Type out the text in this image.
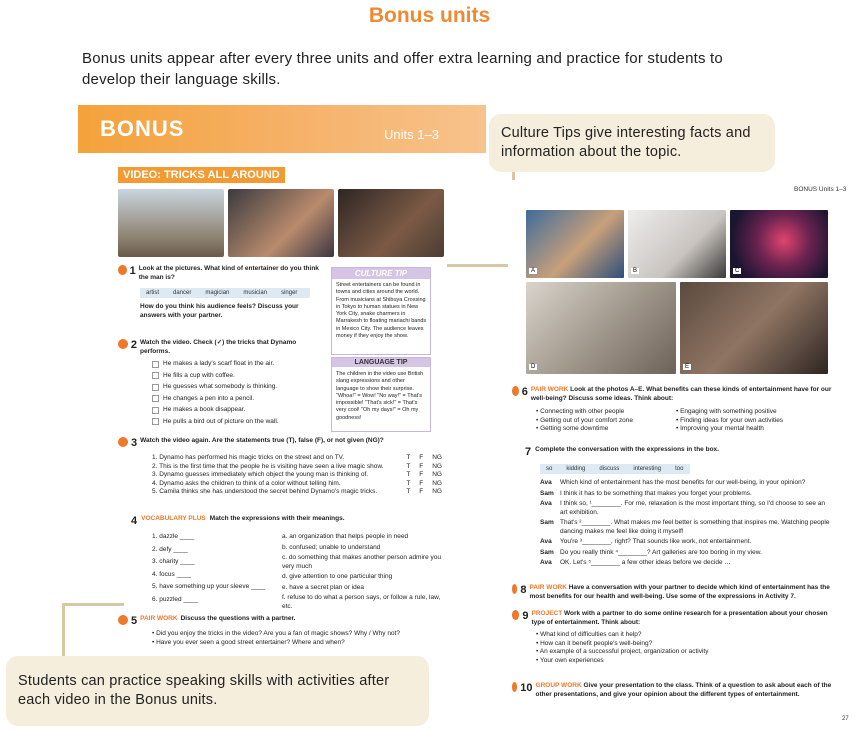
Bonus units
Bonus units appear after every three units and offer extra learning and practice for students to develop their language skills.
BONUS	Units 1–3
VIDEO: TRICKS ALL AROUND
1 Look at the pictures. What kind of entertainer do you think the man is?
artist dancer magician musician singer
How do you think his audience feels? Discuss your answers with your partner.
2 Watch the video. Check (✓) the tricks that Dynamo performs.
He makes a lady's scarf float in the air.
He fills a cup with coffee.
He guesses what somebody is thinking.
He changes a pen into a pencil.
He makes a book disappear.
He pulls a bird out of picture on the wall.
3 Watch the video again. Are the statements true (T), false (F), or not given (NG)?
1. Dynamo has performed his magic tricks on the street and on TV.	T     F     NG
2. This is the first time that the people he is visiting have seen a live magic show.	T     F     NG
3. Dynamo guesses immediately which object the young man is thinking of.	T     F     NG
4. Dynamo asks the children to think of a color without telling him.	T     F     NG
5. Camila thinks she has understood the secret behind Dynamo's magic tricks.	T     F     NG
4 VOCABULARY PLUS Match the expressions with their meanings.
1. dazzle ____
2. defy ____
3. charity ____
4. focus ____
5. have something up your sleeve ____
6. puzzled ____
a. an organization that helps people in need
b. confused; unable to understand
c. do something that makes another person admire you very much
d. give attention to one particular thing
e. have a secret plan or idea
f. refuse to do what a person says, or follow a rule, law, etc.
5 PAIR WORK Discuss the questions with a partner.
• Did you enjoy the tricks in the video? Are you a fan of magic shows? Why / Why not?
• Have you ever seen a good street entertainer? Where and when?
CULTURE TIP
Street entertainers can be found in towns and cities around the world. From musicians at Shibuya Crossing in Tokyo to human statues in New York City, snake charmers in Marrakesh to floating mariachi bands in Mexico City. The audience leaves money if they enjoy the show.
LANGUAGE TIP
The children in the video use British slang expressions and other language to show their surprise. "Whoa!" = Wow! "No way!" = That's impossible! "That's sick!" = That's very cool! "Oh my days!" = Oh my goodness!
BONUS Units 1–3
A	B	C
D	E
6 PAIR WORK Look at the photos A–E. What benefits can these kinds of entertainment have for our well-being? Discuss some ideas. Think about:
• Connecting with other people
• Getting out of your comfort zone
• Getting some downtime
• Engaging with something positive
• Finding ideas for your own activities
• Improving your mental health
7 Complete the conversation with the expressions in the box.
so kidding discuss interesting too
Ava	Which kind of entertainment has the most benefits for our well-being, in your opinion?
Sam I think it has to be something that makes you forget your problems.
Ava	I think so, ¹________. For me, relaxation is the most important thing, so I'd choose to see an art exhibition.
Sam That's ²________. What makes me feel better is something that inspires me. Watching people dancing makes me feel like doing it myself!
Ava	You're ³________, right? That sounds like work, not entertainment.
Sam Do you really think ⁴________? Art galleries are too boring in my view.
Ava	OK. Let's ⁵________ a few other ideas before we decide …
8 PAIR WORK Have a conversation with your partner to decide which kind of entertainment has the most benefits for our health and well-being. Use some of the expressions in Activity 7.
9 PROJECT Work with a partner to do some online research for a presentation about your chosen type of entertainment. Think about:
• What kind of difficulties can it help?
• How can it benefit people's well-being?
• An example of a successful project, organization or activity
• Your own experiences
10 GROUP WORK Give your presentation to the class. Think of a question to ask about each of the other presentations, and give your opinion about the different types of entertainment.
27
Culture Tips give interesting facts and information about the topic.
Students can practice speaking skills with activities after each video in the Bonus units.
